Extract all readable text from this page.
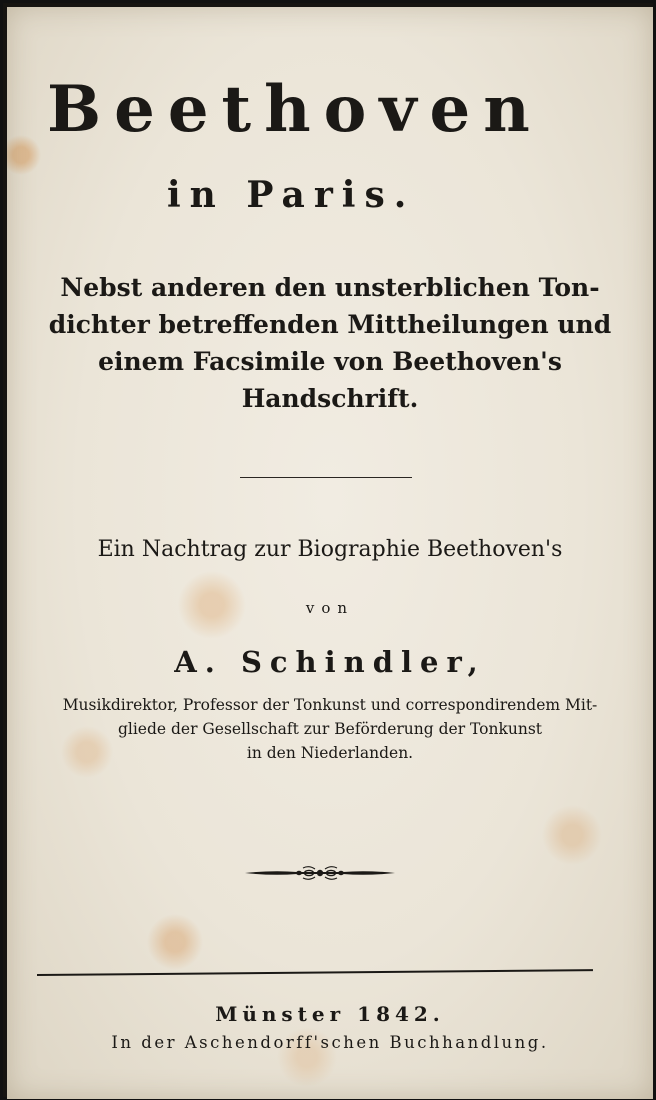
Beethoven
in Paris.
Nebst anderen den unsterblichen Ton-
dichter betreffenden Mittheilungen und
einem Facsimile von Beethoven's
Handschrift.
Ein Nachtrag zur Biographie Beethoven's
von
A. Schindler,
Musikdirektor, Professor der Tonkunst und correspondirendem Mit-
gliede der Gesellschaft zur Beförderung der Tonkunst
in den Niederlanden.
Münster 1842.
In der Aschendorff'schen Buchhandlung.
